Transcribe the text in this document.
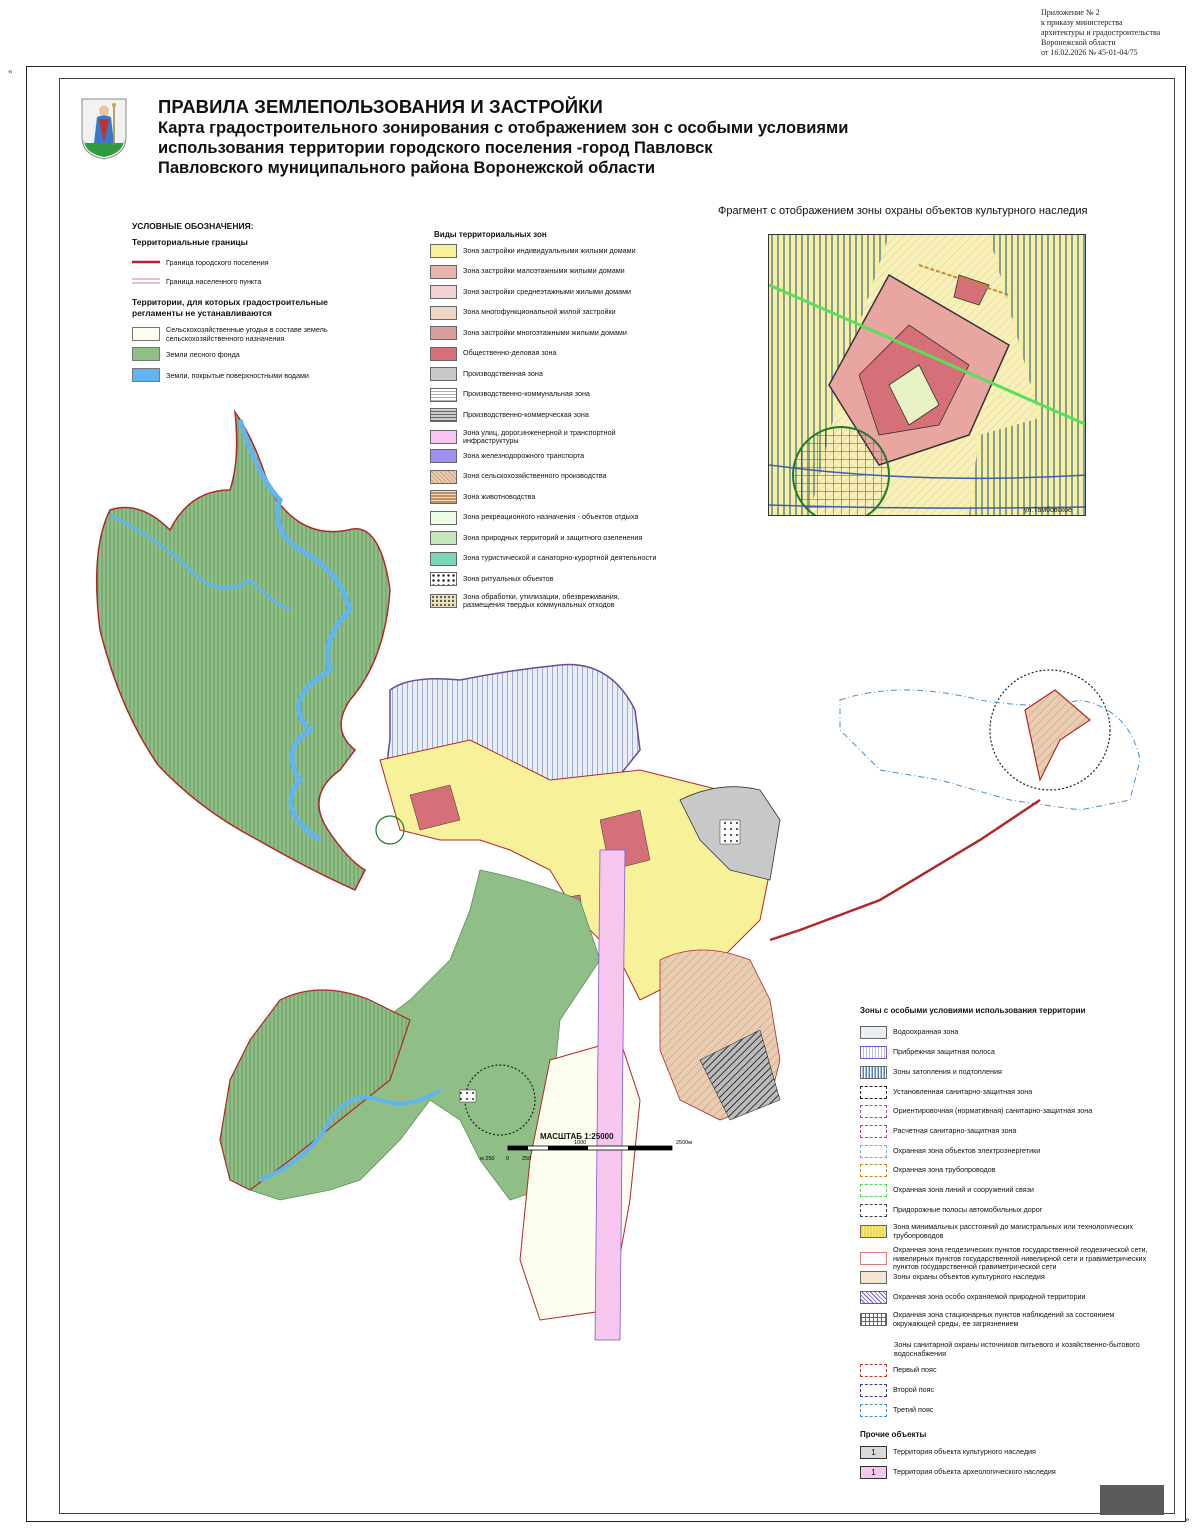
Приложение № 2
к приказу министерства
архитектуры и градостроительства
Воронежской области
от 16.02.2026 № 45-01-04/75
«
»
ПРАВИЛА ЗЕМЛЕПОЛЬЗОВАНИЯ И ЗАСТРОЙКИ
Карта градостроительного зонирования с отображением зон с особыми условиями
использования территории городского поселения -город Павловск
Павловского муниципального района Воронежской области
УСЛОВНЫЕ ОБОЗНАЧЕНИЯ:
Территориальные границы
Граница городского поселения
Граница населенного пункта
Территории, для которых градостроительные регламенты не устанавливаются
Сельскохозяйственные угодья в составе земель сельскохозяйственного назначения
Земли лесного фонда
Земли, покрытые поверхностными водами
Виды территориальных зон
Зона застройки индивидуальными жилыми домами
Зона застройки малоэтажными жилыми домами
Зона застройки среднеэтажными жилыми домами
Зона многофункциональной жилой застройки
Зона застройки многоэтажными жилыми домами
Общественно-деловая зона
Производственная зона
Производственно-коммунальная зона
Производственно-коммерческая зона
Зона улиц, дорог,инженерной и транспортной инфраструктуры
Зона железнодорожного транспорта
Зона сельскохозяйственного производства
Зона животноводства
Зона рекреационного назначения - объектов отдыха
Зона природных территорий и защитного озеленения
Зона туристической и санаторно-курортной деятельности
Зона ритуальных объектов
Зона обработки, утилизации, обезвреживания, размещения твердых коммунальных отходов
Фрагмент с отображением зоны охраны объектов культурного наследия
ул.Тамбовское
Зоны с особыми условиями использования территории
Водоохранная зона
Прибрежная защитная полоса
Зоны затопления и подтопления
Установленная санитарно-защитная зона
Ориентировочная (нормативная) санитарно-защитная зона
Расчетная санитарно-защитная зона
Охранная зона объектов электроэнергетики
Охранная зона трубопроводов
Охранная зона линий и сооружений связи
Придорожные полосы автомобильных дорог
Зона минимальных расстояний до магистральных или технологических трубопроводов
Охранная зона геодезических пунктов государственной геодезической сети, нивелирных пунктов государственной нивелирной сети и гравиметрических пунктов государственной гравиметрической сети
Зоны охраны объектов культурного наследия
Охранная зона особо охраняемой природной территории
Охранная зона стационарных пунктов наблюдений за состоянием окружающей среды, ее загрязнением
Зоны санитарной охраны источников питьевого и хозяйственно-бытового водоснабжения
Первый пояс
Второй пояс
Третий пояс
Прочие объекты
1	Территория объекта культурного наследия
1	Территория объекта археологического наследия
МАСШТАБ 1:25000
м 250 0 250
1000	2500м
